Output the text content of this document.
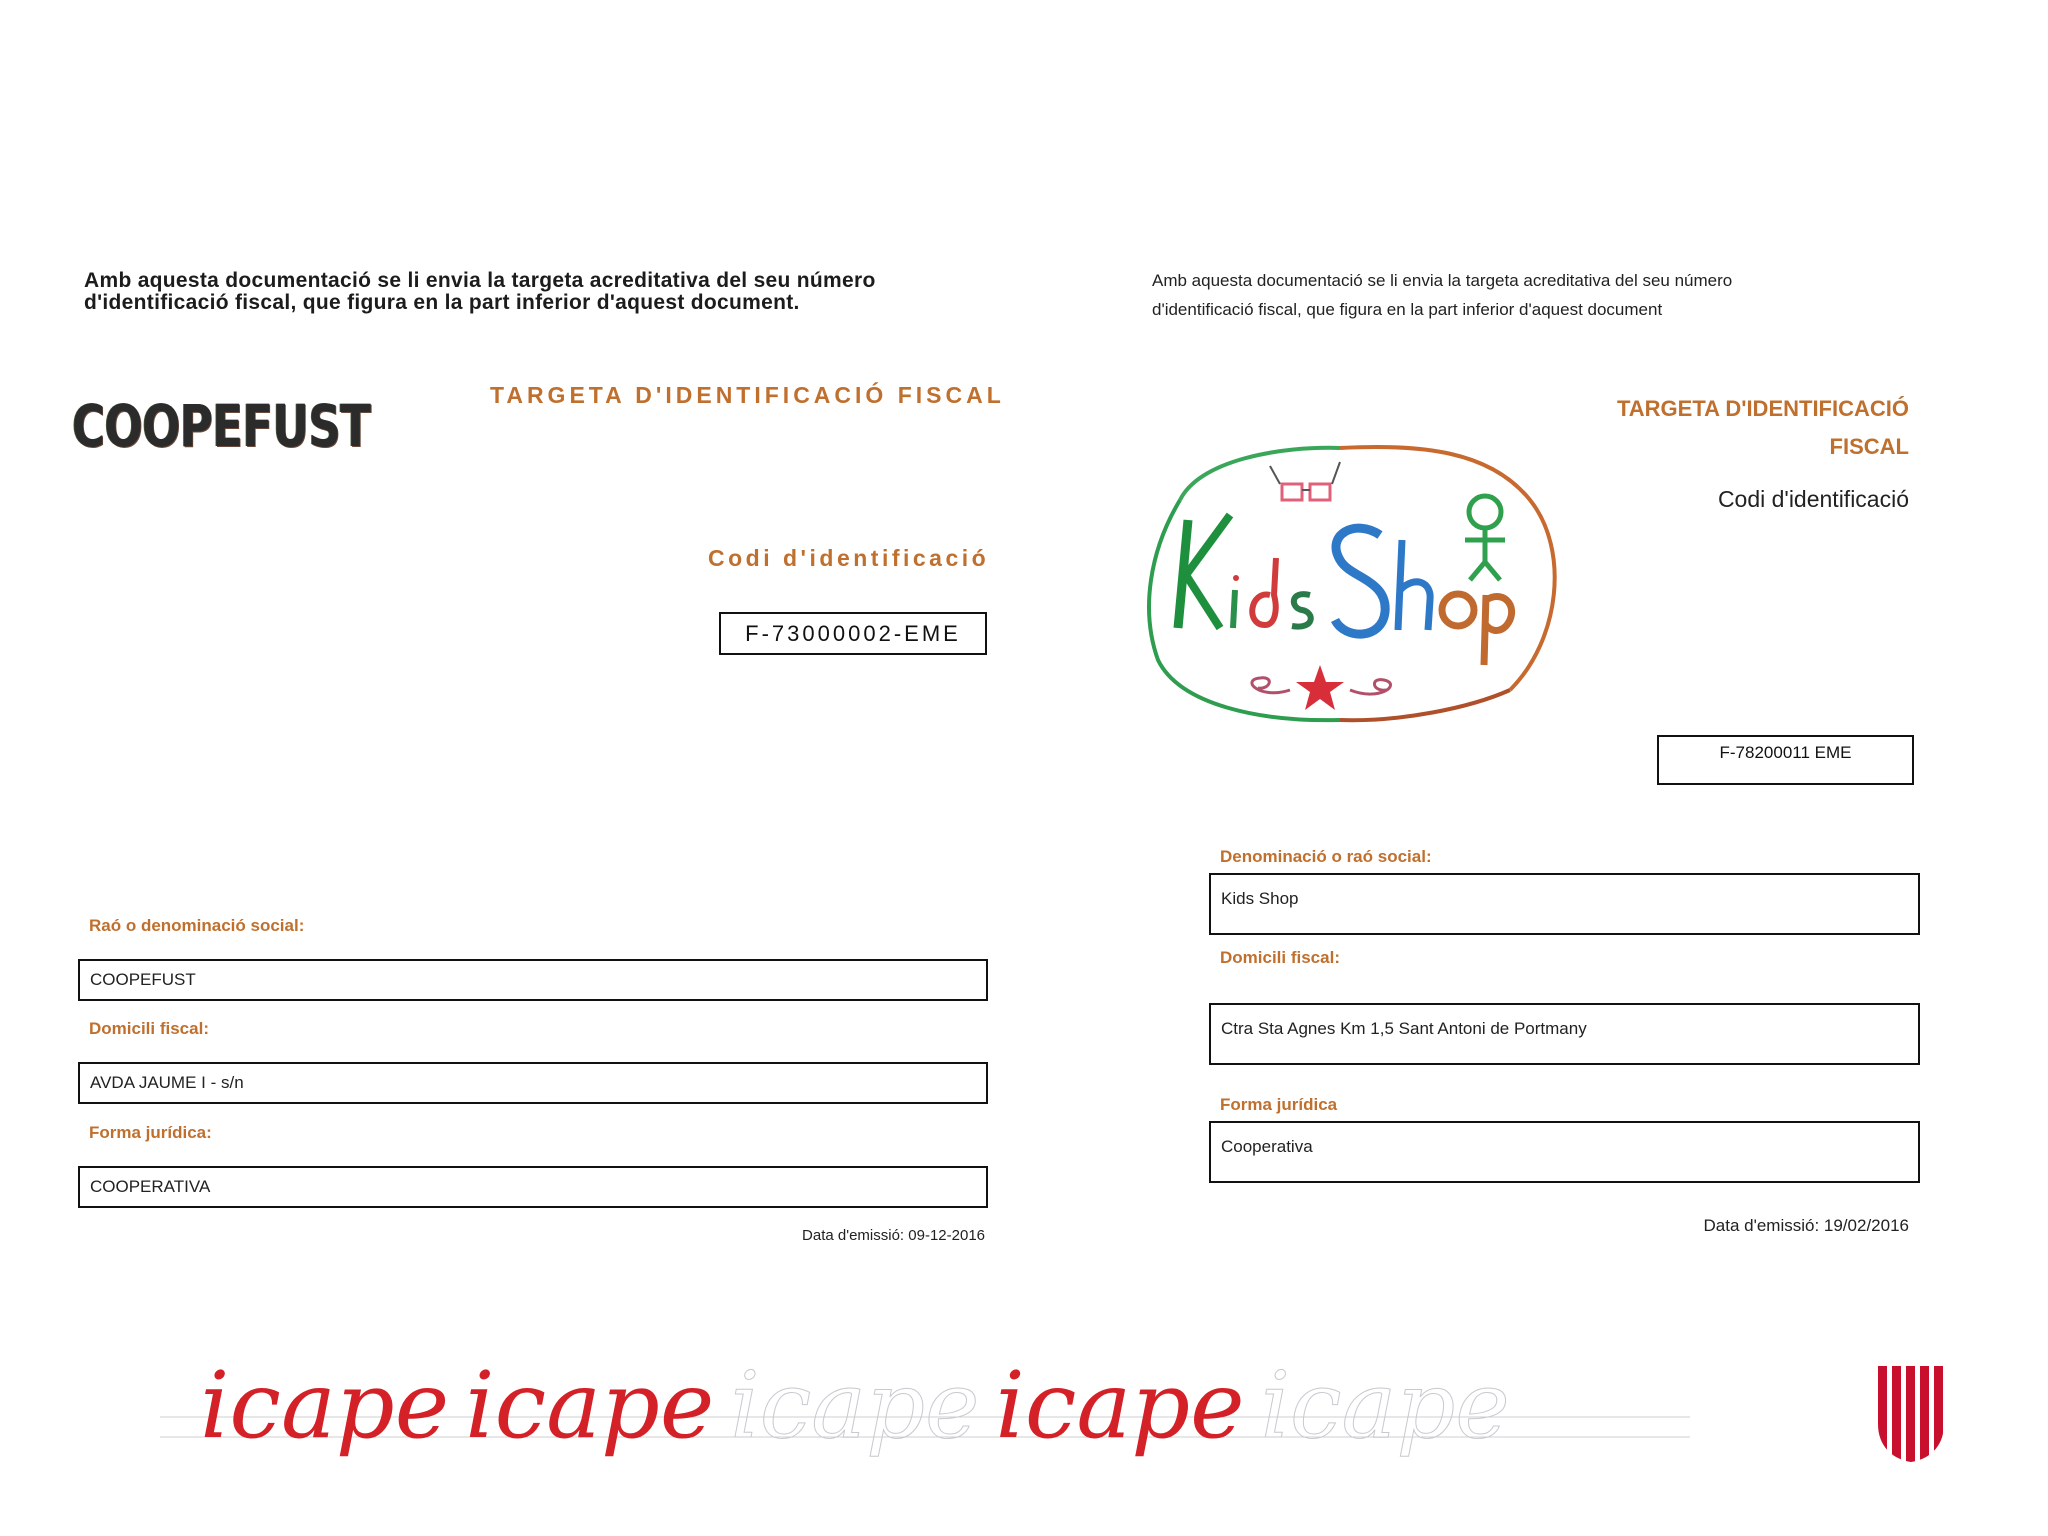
Amb aquesta documentació se li envia la targeta acreditativa del seu número
d'identificació fiscal, que figura en la part inferior d'aquest document.
COOPEFUST	TARGETA D'IDENTIFICACIÓ FISCAL
Codi d'identificació
F-73000002-EME
Raó o denominació social:
COOPEFUST
Domicili fiscal:
AVDA JAUME I - s/n
Forma jurídica:
COOPERATIVA
Data d'emissió: 09-12-2016
Amb aquesta documentació se li envia la targeta acreditativa del seu número
d'identificació fiscal, que figura en la part inferior d'aquest document
TARGETA D'IDENTIFICACIÓ
FISCAL
Codi d'identificació
F-78200011 EME
Denominació o raó social:
Kids Shop
Domicili fiscal:
Ctra Sta Agnes Km 1,5 Sant Antoni de Portmany
Forma jurídica
Cooperativa
Data d'emissió: 19/02/2016
icape icape icape icape icape
